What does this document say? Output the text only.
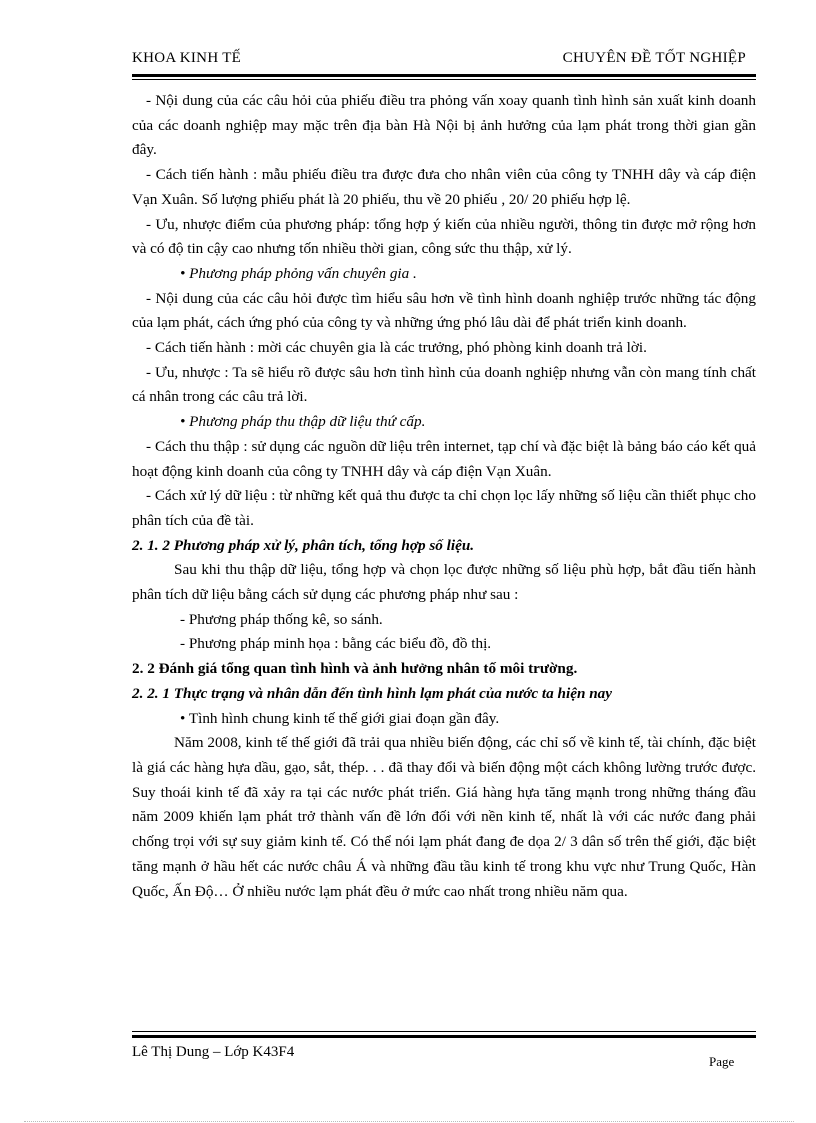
KHOA KINH TẾ	CHUYÊN ĐỀ TỐT NGHIỆP

- Nội dung của các câu hỏi của phiếu điều tra phỏng vấn xoay quanh tình hình sản xuất kinh doanh của các doanh nghiệp may mặc trên địa bàn Hà Nội bị ảnh hưởng của lạm phát trong thời gian gần đây.

- Cách tiến hành : mẫu phiếu điều tra được đưa cho nhân viên của công ty TNHH dây và cáp điện Vạn Xuân. Số lượng phiếu phát là 20 phiếu, thu về 20 phiếu , 20/ 20 phiếu hợp lệ.

- Ưu, nhược điểm của phương pháp: tổng hợp ý kiến của nhiều người, thông tin được mở rộng hơn và có độ tin cậy cao nhưng tốn nhiều thời gian, công sức thu thập, xử lý.

• Phương pháp phỏng vấn chuyên gia .

- Nội dung của các câu hỏi được tìm hiểu sâu hơn về tình hình doanh nghiệp trước những tác động của lạm phát, cách ứng phó của công ty và những ứng phó lâu dài để phát triển kinh doanh.

- Cách tiến hành : mời các chuyên gia là các trưởng, phó phòng kinh doanh trả lời.

- Ưu, nhược : Ta sẽ hiểu rõ được sâu hơn tình hình của doanh nghiệp nhưng vẫn còn mang tính chất cá nhân trong các câu trả lời.

• Phương pháp thu thập dữ liệu thứ cấp.

- Cách thu thập : sử dụng các nguồn dữ liệu trên internet, tạp chí và đặc biệt là bảng báo cáo kết quả hoạt động kinh doanh của công ty TNHH dây và cáp điện Vạn Xuân.

- Cách xử lý dữ liệu : từ những kết quả thu được ta chỉ chọn lọc lấy những số liệu cần thiết phục cho phân tích của đề tài.

2. 1. 2 Phương pháp xử lý, phân tích, tổng hợp số liệu.

Sau khi thu thập dữ liệu, tổng hợp và chọn lọc được những số liệu phù hợp, bắt đầu tiến hành phân tích dữ liệu bằng cách sử dụng các phương pháp như sau :

- Phương pháp thống kê, so sánh.

- Phương pháp minh họa : bằng các biểu đồ, đồ thị.

2. 2 Đánh giá tổng quan tình hình và ảnh hưởng nhân tố môi trường.

2. 2. 1 Thực trạng và nhân dẫn đến tình hình lạm phát của nước ta hiện nay

• Tình hình chung kinh tế thế giới giai đoạn gần đây.

Năm 2008, kinh tế thế giới đã trải qua nhiều biến động, các chỉ số về kinh tế, tài chính, đặc biệt là giá các hàng hựa dầu, gạo, sắt, thép. . . đã thay đổi và biến động một cách không lường trước được. Suy thoái kinh tế đã xảy ra tại các nước phát triển. Giá hàng hựa tăng mạnh trong những tháng đầu năm 2009 khiến lạm phát trở thành vấn đề lớn đối với nền kinh tế, nhất là với các nước đang phải chống trọi với sự suy giảm kinh tế. Có thể nói lạm phát đang đe dọa 2/ 3 dân số trên thế giới, đặc biệt tăng mạnh ở hầu hết các nước châu Á và những đầu tầu kinh tế trong khu vực như Trung Quốc, Hàn Quốc, Ấn Độ… Ở nhiều nước lạm phát đều ở mức cao nhất trong nhiều năm qua.

Lê Thị Dung – Lớp K43F4
Page
